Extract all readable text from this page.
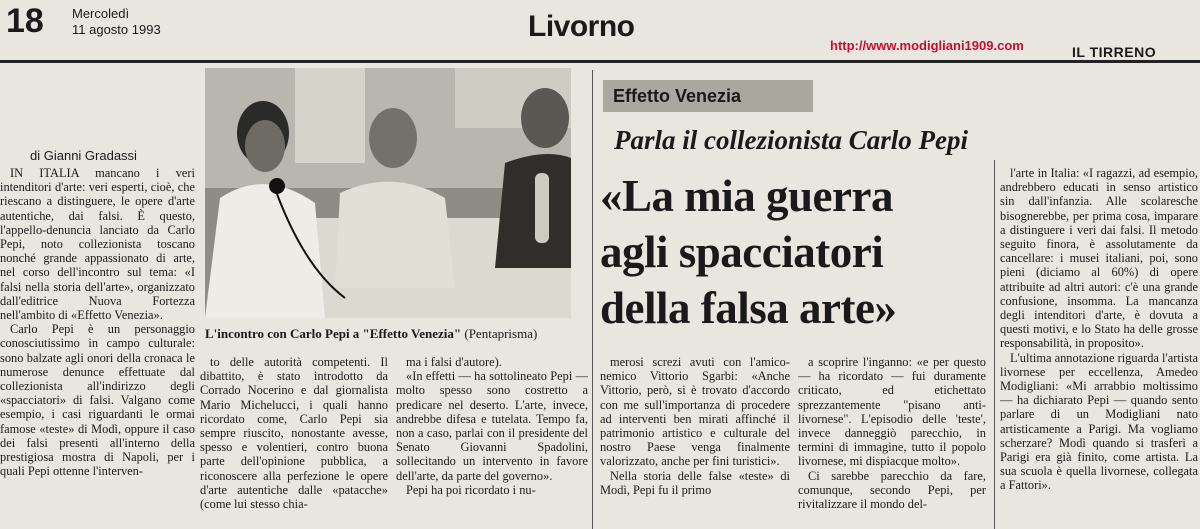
18 Mercoledì
11 agosto 1993	Livorno
http://www.modigliani1909.com	IL TIRRENO
di Gianni Gradassi

IN ITALIA mancano i veri intenditori d'arte: veri esperti, cioè, che riescano a distinguere, le opere d'arte autentiche, dai falsi. È questo, l'appello-denuncia lanciato da Carlo Pepi, noto collezionista toscano nonché grande appassionato di arte, nel corso dell'incontro sul tema: «I falsi nella storia dell'arte», organizzato dall'editrice Nuova Fortezza nell'ambito di «Effetto Venezia».

Carlo Pepi è un personaggio conosciutissimo in campo culturale: sono balzate agli onori della cronaca le numerose denunce effettuate dal collezionista all'indirizzo degli «spacciatori» di falsi. Valgano come esempio, i casi riguardanti le ormai famose «teste» di Modì, oppure il caso dei falsi presenti all'interno della prestigiosa mostra di Napoli, per i quali Pepi ottenne l'interven-

L'incontro con Carlo Pepi a "Effetto Venezia" (Pentaprisma)
Effetto Venezia
Parla il collezionista Carlo Pepi
«La mia guerra
agli spacciatori
della falsa arte»

to delle autorità competenti. Il dibattito, è stato introdotto da Corrado Nocerino e dal giornalista Mario Michelucci, i quali hanno ricordato come, Carlo Pepi sia sempre riuscito, nonostante avesse, spesso e volentieri, contro buona parte dell'opinione pubblica, a riconoscere alla perfezione le opere d'arte autentiche dalle «patacche» (come lui stesso chia-

ma i falsi d'autore).

«In effetti — ha sottolineato Pepi — molto spesso sono costretto a predicare nel deserto. L'arte, invece, andrebbe difesa e tutelata. Tempo fa, non a caso, parlai con il presidente del Senato Giovanni Spadolini, sollecitando un intervento in favore dell'arte, da parte del governo».

Pepi ha poi ricordato i nu-

merosi screzi avuti con l'amico-nemico Vittorio Sgarbi: «Anche Vittorio, però, si è trovato d'accordo con me sull'importanza di procedere ad interventi ben mirati affinché il patrimonio artistico e culturale del nostro Paese venga finalmente valorizzato, anche per fini turistici».

Nella storia delle false «teste» di Modì, Pepi fu il primo

a scoprire l'inganno: «e per questo — ha ricordato — fui duramente criticato, ed etichettato sprezzantemente "pisano anti-livornese". L'episodio delle 'teste', invece danneggiò parecchio, in termini di immagine, tutto il popolo livornese, mi dispiacque molto».

Ci sarebbe parecchio da fare, comunque, secondo Pepi, per rivitalizzare il mondo del-

l'arte in Italia: «I ragazzi, ad esempio, andrebbero educati in senso artistico sin dall'infanzia. Alle scolaresche bisognerebbe, per prima cosa, imparare a distinguere i veri dai falsi. Il metodo seguito finora, è assolutamente da cancellare: i musei italiani, poi, sono pieni (diciamo al 60%) di opere attribuite ad altri autori: c'è una grande confusione, insomma. La mancanza degli intenditori d'arte, è dovuta a questi motivi, e lo Stato ha delle grosse responsabilità, in proposito».

L'ultima annotazione riguarda l'artista livornese per eccellenza, Amedeo Modigliani: «Mi arrabbio moltissimo — ha dichiarato Pepi — quando sento parlare di un Modigliani nato artisticamente a Parigi. Ma vogliamo scherzare? Modì quando si trasferì a Parigi era già finito, come artista. La sua scuola è quella livornese, collegata a Fattori».
